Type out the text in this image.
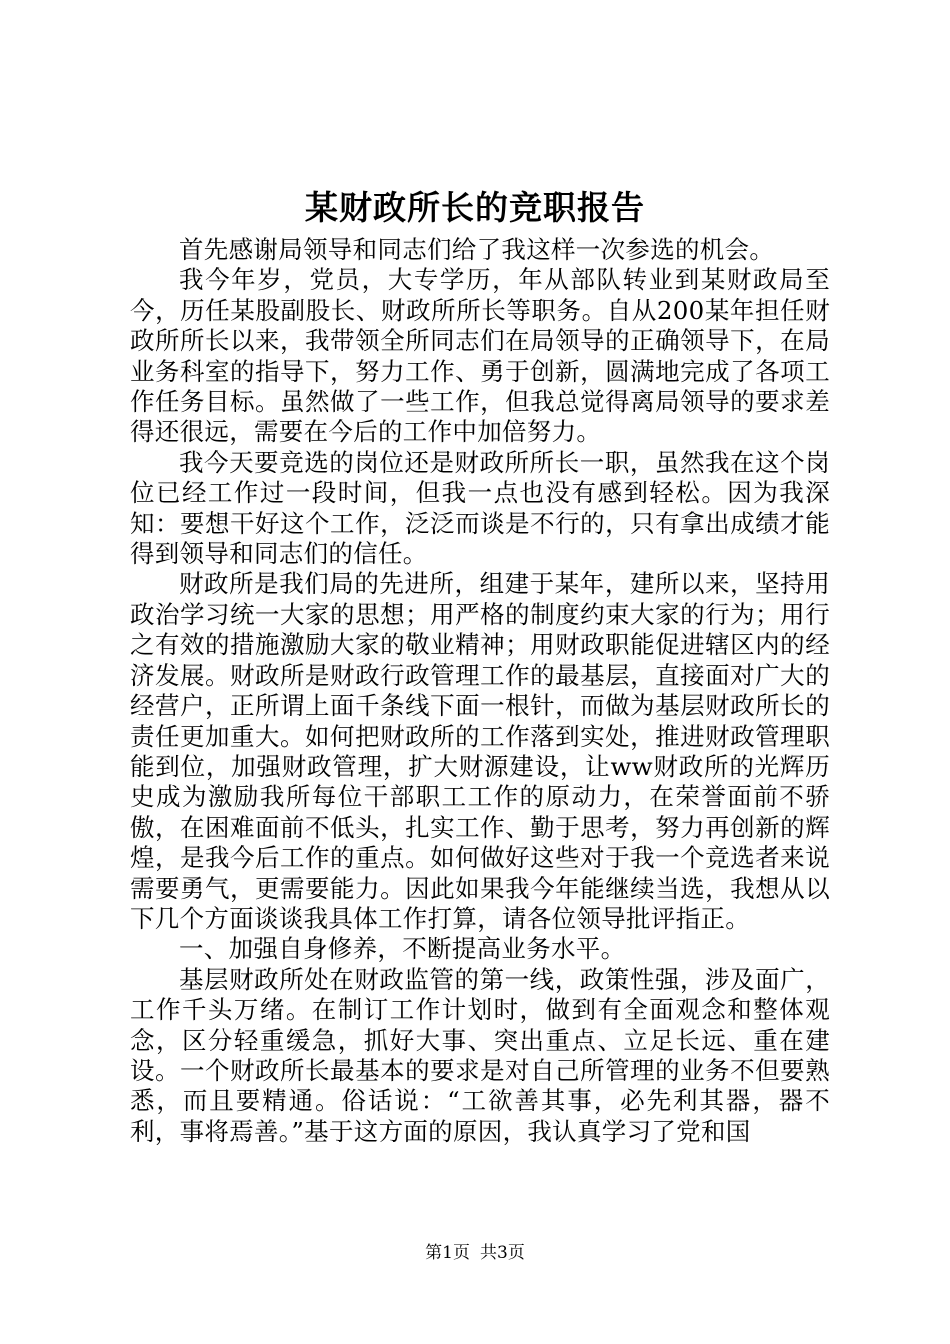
某财政所长的竞职报告

首先感谢局领导和同志们给了我这样一次参选的机会。

我今年岁，党员，大专学历，年从部队转业到某财政局至今，历任某股副股长、财政所所长等职务。自从200某年担任财政所所长以来，我带领全所同志们在局领导的正确领导下，在局业务科室的指导下，努力工作、勇于创新，圆满地完成了各项工作任务目标。虽然做了一些工作，但我总觉得离局领导的要求差得还很远，需要在今后的工作中加倍努力。

我今天要竞选的岗位还是财政所所长一职，虽然我在这个岗位已经工作过一段时间，但我一点也没有感到轻松。因为我深知：要想干好这个工作，泛泛而谈是不行的，只有拿出成绩才能得到领导和同志们的信任。

财政所是我们局的先进所，组建于某年，建所以来，坚持用政治学习统一大家的思想；用严格的制度约束大家的行为；用行之有效的措施激励大家的敬业精神；用财政职能促进辖区内的经济发展。财政所是财政行政管理工作的最基层，直接面对广大的经营户，正所谓上面千条线下面一根针，而做为基层财政所长的责任更加重大。如何把财政所的工作落到实处，推进财政管理职能到位，加强财政管理，扩大财源建设，让ww财政所的光辉历史成为激励我所每位干部职工工作的原动力，在荣誉面前不骄傲，在困难面前不低头，扎实工作、勤于思考，努力再创新的辉煌，是我今后工作的重点。如何做好这些对于我一个竞选者来说需要勇气，更需要能力。因此如果我今年能继续当选，我想从以下几个方面谈谈我具体工作打算，请各位领导批评指正。

一、加强自身修养，不断提高业务水平。

基层财政所处在财政监管的第一线，政策性强，涉及面广，工作千头万绪。在制订工作计划时，做到有全面观念和整体观念，区分轻重缓急，抓好大事、突出重点、立足长远、重在建设。一个财政所长最基本的要求是对自己所管理的业务不但要熟悉，而且要精通。俗话说：“工欲善其事，必先利其器，器不利，事将焉善。”基于这方面的原因，我认真学习了党和国

第1页 共3页
